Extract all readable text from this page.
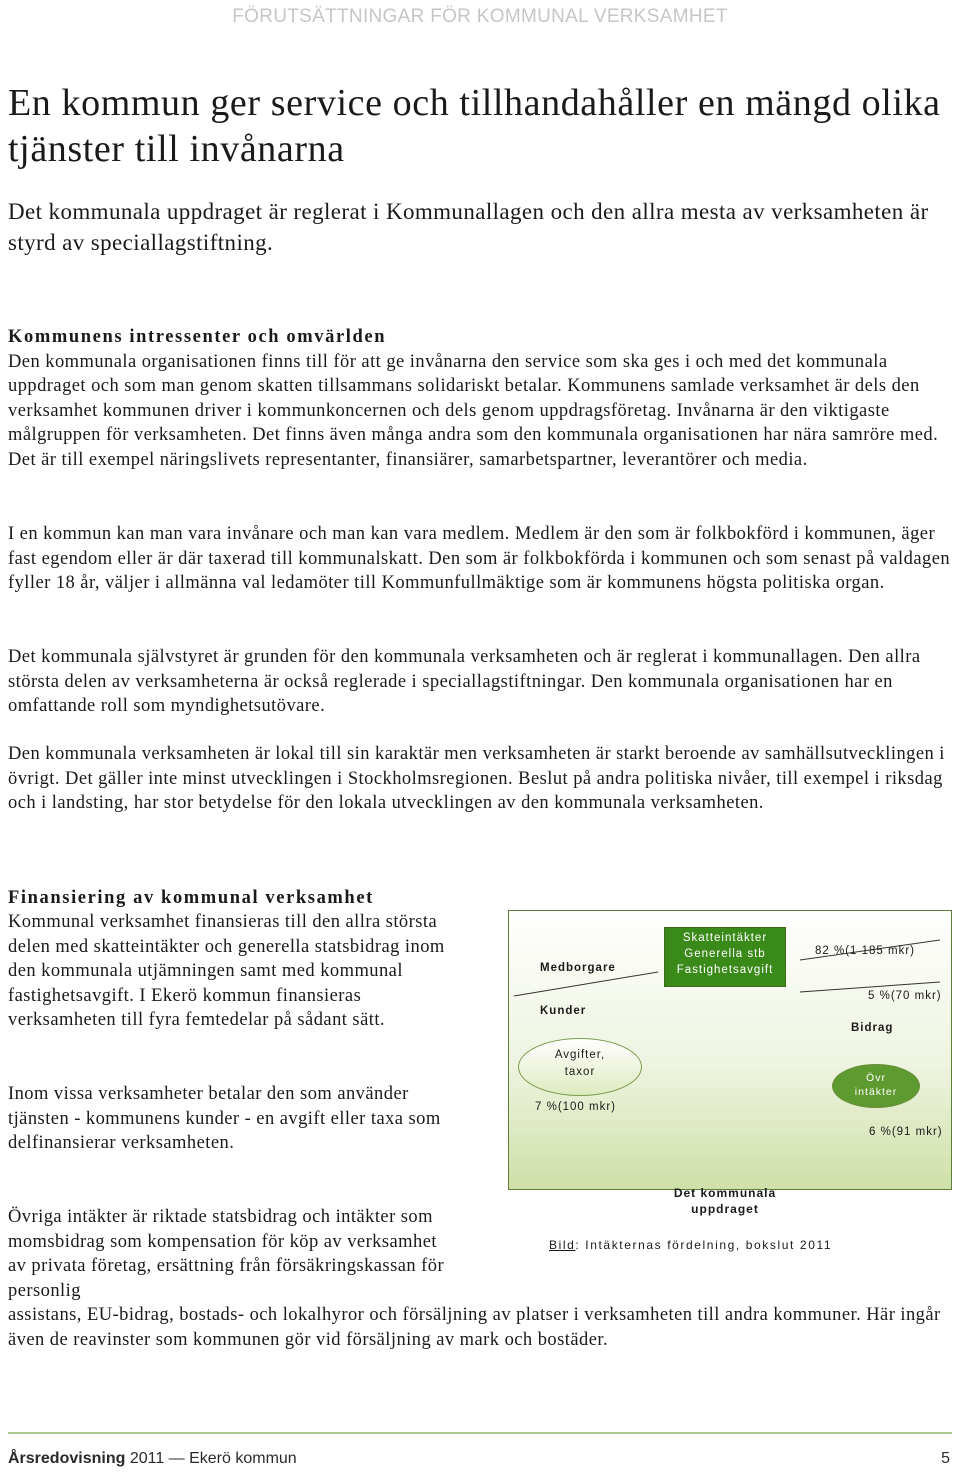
FÖRUTSÄTTNINGAR FÖR KOMMUNAL VERKSAMHET
En kommun ger service och tillhandahåller en mängd olika tjänster till invånarna
Det kommunala uppdraget är reglerat i Kommunallagen och den allra mesta av verksamheten är styrd av speciallagstiftning.
Kommunens intressenter och omvärlden

Den kommunala organisationen finns till för att ge invånarna den service som ska ges i och med det kommunala uppdraget och som man genom skatten tillsammans solidariskt betalar. Kommunens samlade verksamhet är dels den verksamhet kommunen driver i kommunkoncernen och dels genom uppdragsföretag. Invånarna är den viktigaste målgruppen för verksamheten. Det finns även många andra som den kommunala organisationen har nära samröre med. Det är till exempel näringslivets representanter, finansiärer, samarbetspartner, leverantörer och media.

I en kommun kan man vara invånare och man kan vara medlem. Medlem är den som är folkbokförd i kommunen, äger fast egendom eller är där taxerad till kommunalskatt. Den som är folkbokförda i kommunen och som senast på valdagen fyller 18 år, väljer i allmänna val ledamöter till Kommunfullmäktige som är kommunens högsta politiska organ.

Det kommunala självstyret är grunden för den kommunala verksamheten och är reglerat i kommunallagen. Den allra största delen av verksamheterna är också reglerade i speciallagstiftningar. Den kommunala organisationen har en omfattande roll som myndighetsutövare.

Den kommunala verksamheten är lokal till sin karaktär men verksamheten är starkt beroende av samhällsutvecklingen i övrigt. Det gäller inte minst utvecklingen i Stockholmsregionen. Beslut på andra politiska nivåer, till exempel i riksdag och i landsting, har stor betydelse för den lokala utvecklingen av den kommunala verksamheten.

Finansiering av kommunal verksamhet

Kommunal verksamhet finansieras till den allra största delen med skatteintäkter och generella statsbidrag inom den kommunala utjämningen samt med kommunal fastighetsavgift. I Ekerö kommun finansieras verksamheten till fyra femtedelar på sådant sätt.

Inom vissa verksamheter betalar den som använder tjänsten - kommunens kunder - en avgift eller taxa som delfinansierar verksamheten.

Övriga intäkter är riktade statsbidrag och intäkter som momsbidrag som kompensation för köp av verksamhet av privata företag, ersättning från försäkringskassan för personlig

assistans, EU-bidrag, bostads- och lokalhyror och försäljning av platser i verksamheten till andra kommuner. Här ingår även de reavinster som kommunen gör vid försäljning av mark och bostäder.

Medborgare
Kunder
Avgifter,
taxor
7 %(100 mkr)
Skatteintäkter
Generella stb
Fastighetsavgift
82 %(1 185 mkr)
5 %(70 mkr)
Bidrag
Övr
intäkter
6 %(91 mkr)
Det kommunala
uppdraget
Bild: Intäkternas fördelning, bokslut 2011
Årsredovisning 2011 — Ekerö kommun	5
